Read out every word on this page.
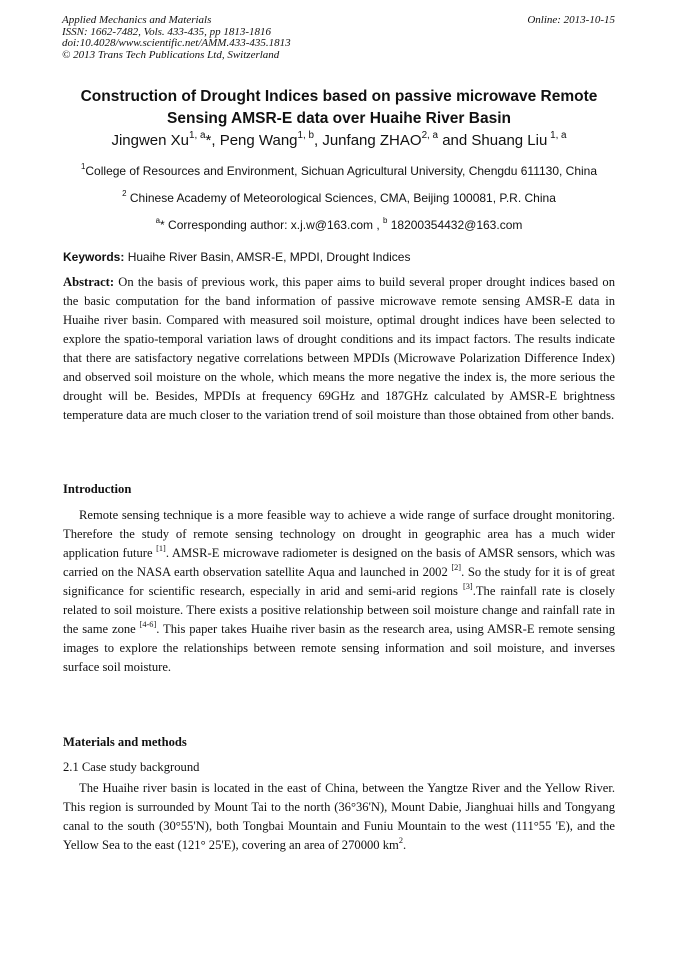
Applied Mechanics and Materials
ISSN: 1662-7482, Vols. 433-435, pp 1813-1816
doi:10.4028/www.scientific.net/AMM.433-435.1813
© 2013 Trans Tech Publications Ltd, Switzerland
Online: 2013-10-15
Construction of Drought Indices based on passive microwave Remote
Sensing AMSR-E data over Huaihe River Basin

Jingwen Xu$^{1, a}$*, Peng Wang$^{1, b}$, Junfang ZHAO$^{2, a}$ and Shuang Liu $^{1, a}$

$^1$College of Resources and Environment, Sichuan Agricultural University, Chengdu 611130, China

$^2$ Chinese Academy of Meteorological Sciences, CMA, Beijing 100081, P.R. China

$^a$* Corresponding author: x.j.w@163.com , $^b$ 18200354432@163.com

Keywords: Huaihe River Basin, AMSR-E, MPDI, Drought Indices

Abstract: On the basis of previous work, this paper aims to build several proper drought indices based on the basic computation for the band information of passive microwave remote sensing AMSR-E data in Huaihe river basin. Compared with measured soil moisture, optimal drought indices have been selected to explore the spatio-temporal variation laws of drought conditions and its impact factors. The results indicate that there are satisfactory negative correlations between MPDIs (Microwave Polarization Difference Index) and observed soil moisture on the whole, which means the more negative the index is, the more serious the drought will be. Besides, MPDIs at frequency 69GHz and 187GHz calculated by AMSR-E brightness temperature data are much closer to the variation trend of soil moisture than those obtained from other bands.

Introduction

Remote sensing technique is a more feasible way to achieve a wide range of surface drought monitoring. Therefore the study of remote sensing technology on drought in geographic area has a much wider application future [1]. AMSR-E microwave radiometer is designed on the basis of AMSR sensors, which was carried on the NASA earth observation satellite Aqua and launched in 2002 [2]. So the study for it is of great significance for scientific research, especially in arid and semi-arid regions [3].The rainfall rate is closely related to soil moisture. There exists a positive relationship between soil moisture change and rainfall rate in the same zone [4-6]. This paper takes Huaihe river basin as the research area, using AMSR-E remote sensing images to explore the relationships between remote sensing information and soil moisture, and inverses surface soil moisture.

Materials and methods

2.1 Case study background

The Huaihe river basin is located in the east of China, between the Yangtze River and the Yellow River. This region is surrounded by Mount Tai to the north (36°36'N), Mount Dabie, Jianghuai hills and Tongyang canal to the south (30°55'N), both Tongbai Mountain and Funiu Mountain to the west (111°55 'E), and the Yellow Sea to the east (121° 25'E), covering an area of 270000 $km^2$.
